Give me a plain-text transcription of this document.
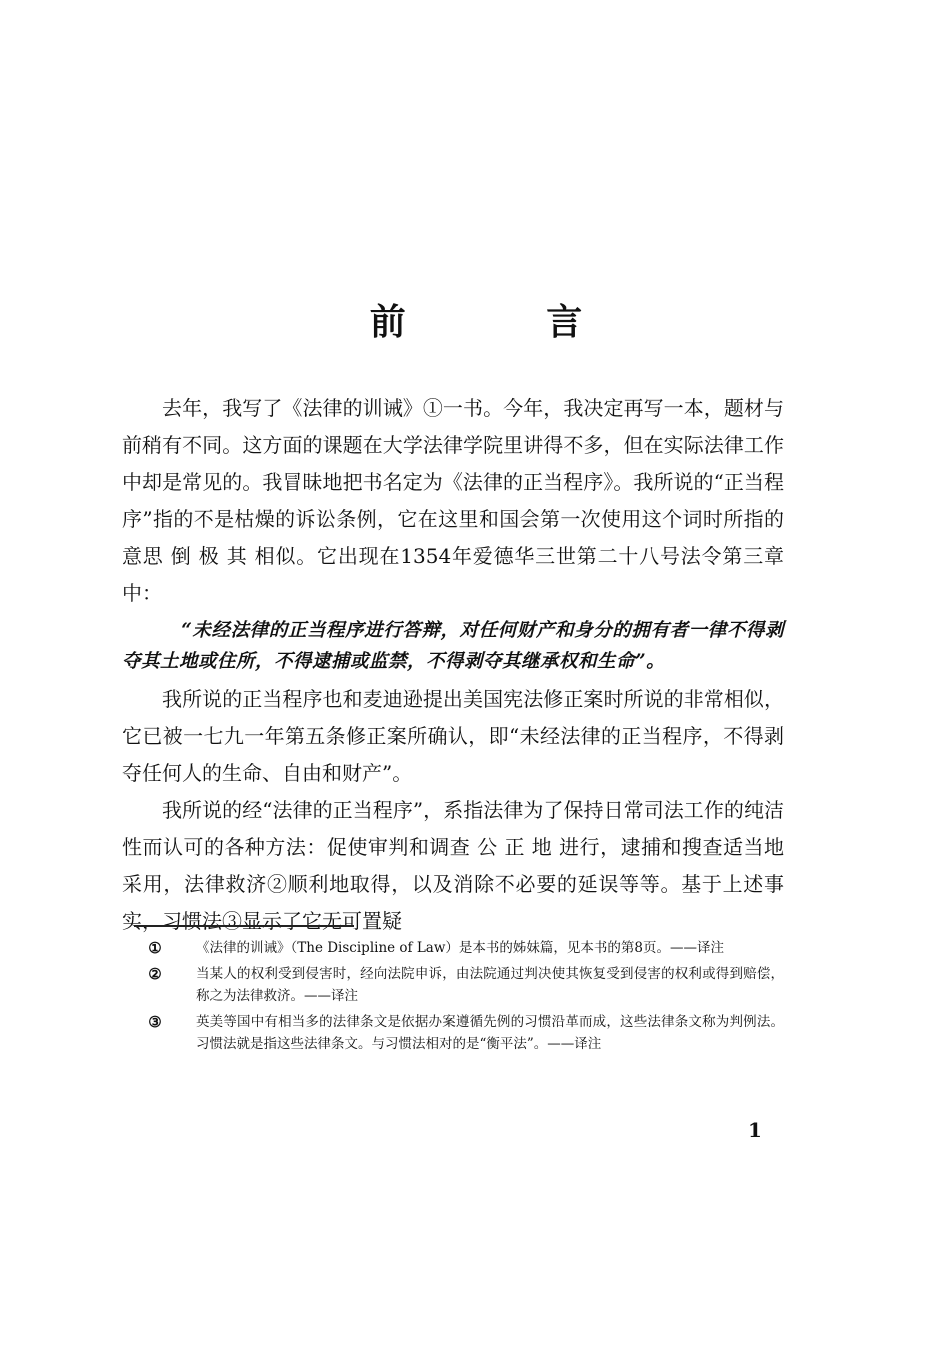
前 言

去年，我写了《法律的训诫》①一书。今年，我决定再写一本，题材与前稍有不同。这方面的课题在大学法律学院里讲得不多，但在实际法律工作中却是常见的。我冒昧地把书名定为《法律的正当程序》。我所说的“正当程序”指的不是枯燥的诉讼条例，它在这里和国会第一次使用这个词时所指的意思 倒 极 其 相似。它出现在1354年爱德华三世第二十八号法令第三章中：

“未经法律的正当程序进行答辩，对任何财产和身分的拥有者一律不得剥夺其土地或住所，不得逮捕或监禁，不得剥夺其继承权和生命”。

我所说的正当程序也和麦迪逊提出美国宪法修正案时所说的非常相似，它已被一七九一年第五条修正案所确认，即“未经法律的正当程序，不得剥夺任何人的生命、自由和财产”。

我所说的经“法律的正当程序”，系指法律为了保持日常司法工作的纯洁性而认可的各种方法：促使审判和调查 公 正 地 进行，逮捕和搜查适当地采用，法律救济②顺利地取得，以及消除不必要的延误等等。基于上述事实，习惯法③显示了它无可置疑

①	《法律的训诫》（The Discipline of Law）是本书的姊妹篇，见本书的第8页。——译注
②	当某人的权利受到侵害时，经向法院申诉，由法院通过判决使其恢复受到侵害的权利或得到赔偿，称之为法律救济。——译注
③	英美等国中有相当多的法律条文是依据办案遵循先例的习惯沿革而成，这些法律条文称为判例法。习惯法就是指这些法律条文。与习惯法相对的是“衡平法”。——译注
1
